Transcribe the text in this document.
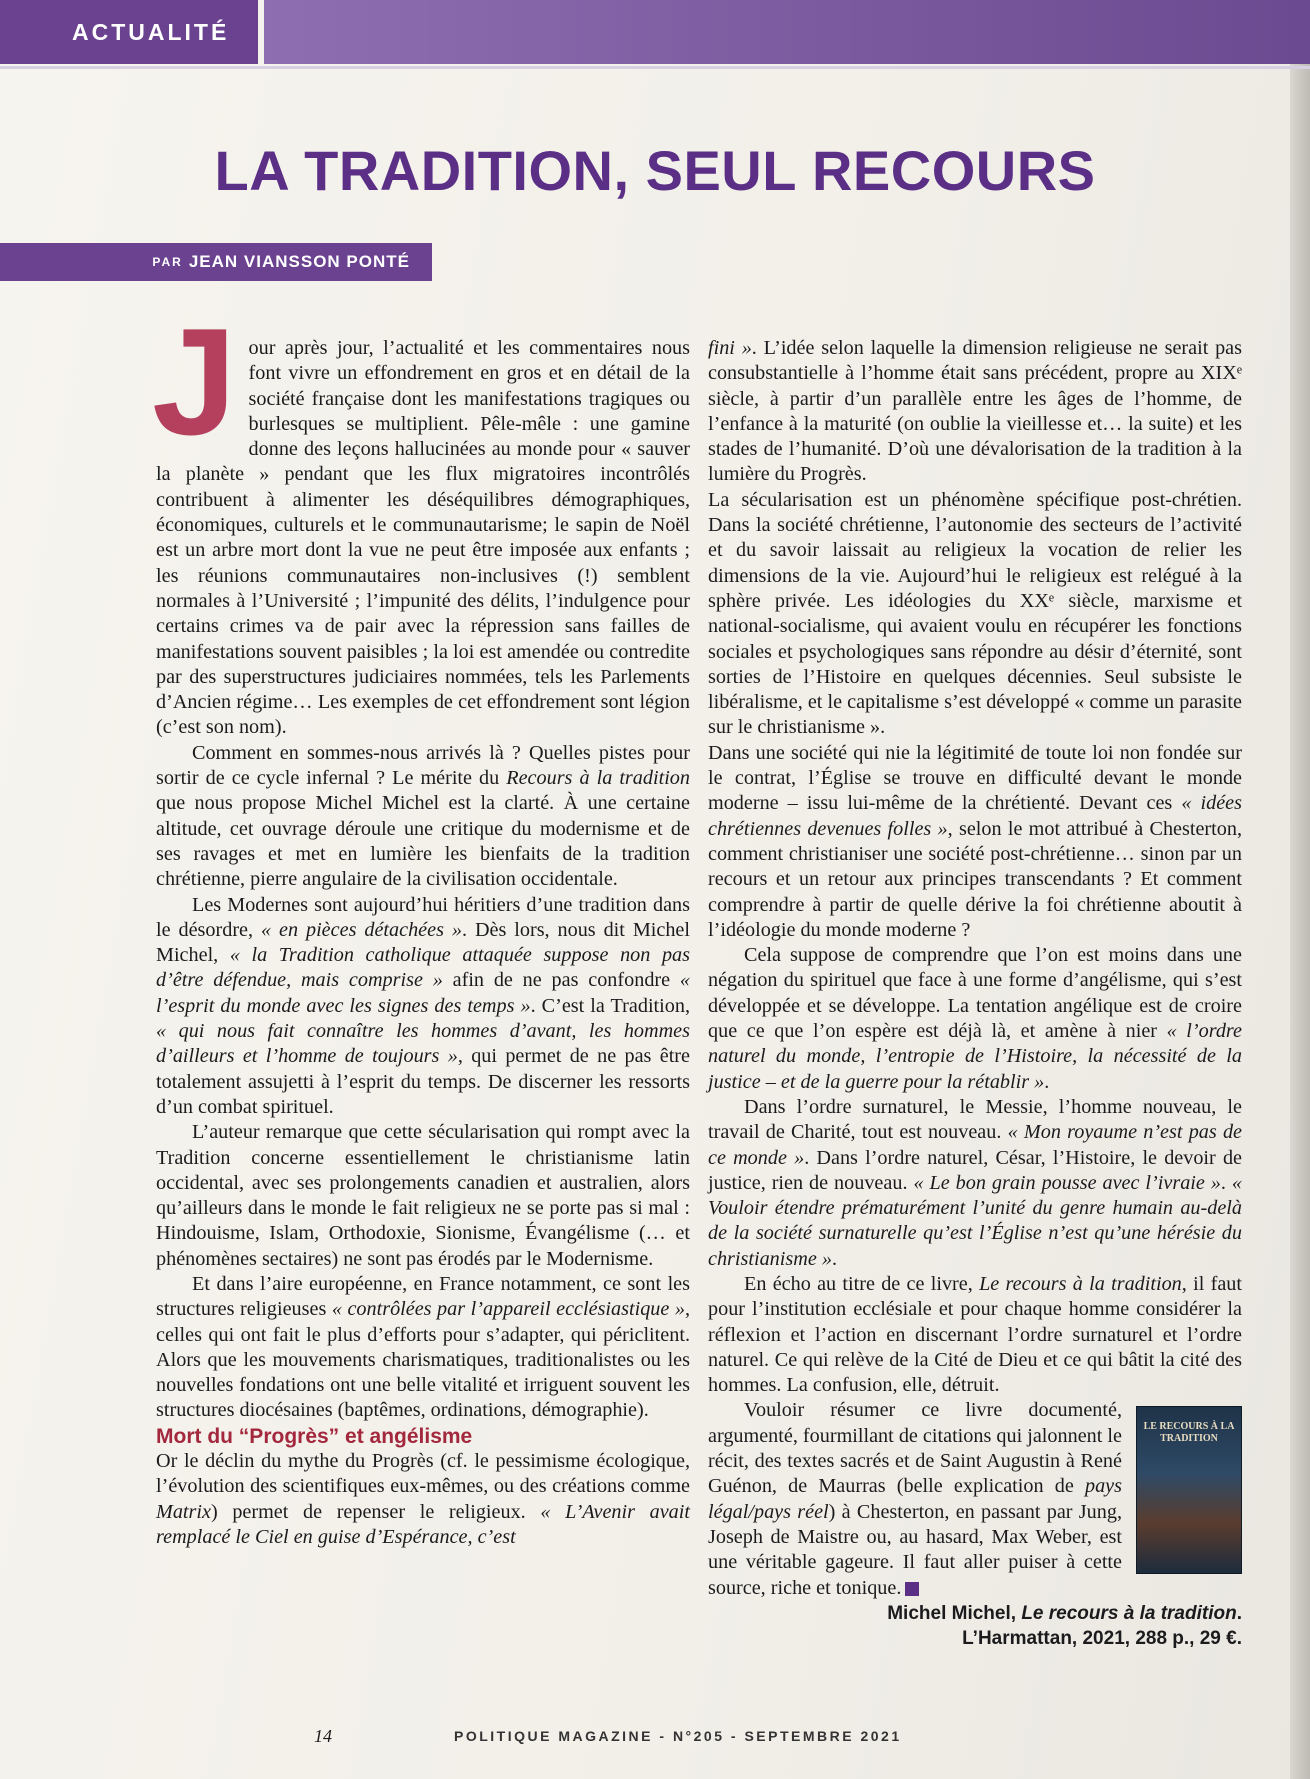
ACTUALITÉ
LA TRADITION, SEUL RECOURS
PAR JEAN VIANSSON PONTÉ

Jour après jour, l’actualité et les commentaires nous font vivre un effondrement en gros et en détail de la société française dont les manifestations tragiques ou burlesques se multiplient. Pêle-mêle : une gamine donne des leçons hallucinées au monde pour « sauver la planète » pendant que les flux migratoires incontrôlés contribuent à alimenter les déséquilibres démographiques, économiques, culturels et le communautarisme; le sapin de Noël est un arbre mort dont la vue ne peut être imposée aux enfants ; les réunions communautaires non-inclusives (!) semblent normales à l’Université ; l’impunité des délits, l’indulgence pour certains crimes va de pair avec la répression sans failles de manifestations souvent paisibles ; la loi est amendée ou contredite par des superstructures judiciaires nommées, tels les Parlements d’Ancien régime… Les exemples de cet effondrement sont légion (c’est son nom).

Comment en sommes-nous arrivés là ? Quelles pistes pour sortir de ce cycle infernal ? Le mérite du Recours à la tradition que nous propose Michel Michel est la clarté. À une certaine altitude, cet ouvrage déroule une critique du modernisme et de ses ravages et met en lumière les bienfaits de la tradition chrétienne, pierre angulaire de la civilisation occidentale.

Les Modernes sont aujourd’hui héritiers d’une tradition dans le désordre, « en pièces détachées ». Dès lors, nous dit Michel Michel, « la Tradition catholique attaquée suppose non pas d’être défendue, mais comprise » afin de ne pas confondre « l’esprit du monde avec les signes des temps ». C’est la Tradition, « qui nous fait connaître les hommes d’avant, les hommes d’ailleurs et l’homme de toujours », qui permet de ne pas être totalement assujetti à l’esprit du temps. De discerner les ressorts d’un combat spirituel.

L’auteur remarque que cette sécularisation qui rompt avec la Tradition concerne essentiellement le christianisme latin occidental, avec ses prolongements canadien et australien, alors qu’ailleurs dans le monde le fait religieux ne se porte pas si mal : Hindouisme, Islam, Orthodoxie, Sionisme, Évangélisme (… et phénomènes sectaires) ne sont pas érodés par le Modernisme.

Et dans l’aire européenne, en France notamment, ce sont les structures religieuses « contrôlées par l’appareil ecclésiastique », celles qui ont fait le plus d’efforts pour s’adapter, qui périclitent. Alors que les mouvements charismatiques, traditionalistes ou les nouvelles fondations ont une belle vitalité et irriguent souvent les structures diocésaines (baptêmes, ordinations, démographie).

Mort du “Progrès” et angélisme

Or le déclin du mythe du Progrès (cf. le pessimisme écologique, l’évolution des scientifiques eux-mêmes, ou des créations comme Matrix) permet de repenser le religieux. « L’Avenir avait remplacé le Ciel en guise d’Espérance, c’est

fini ». L’idée selon laquelle la dimension religieuse ne serait pas consubstantielle à l’homme était sans précédent, propre au XIXᵉ siècle, à partir d’un parallèle entre les âges de l’homme, de l’enfance à la maturité (on oublie la vieillesse et… la suite) et les stades de l’humanité. D’où une dévalorisation de la tradition à la lumière du Progrès.

La sécularisation est un phénomène spécifique post-chrétien. Dans la société chrétienne, l’autonomie des secteurs de l’activité et du savoir laissait au religieux la vocation de relier les dimensions de la vie. Aujourd’hui le religieux est relégué à la sphère privée. Les idéologies du XXᵉ siècle, marxisme et national-socialisme, qui avaient voulu en récupérer les fonctions sociales et psychologiques sans répondre au désir d’éternité, sont sorties de l’Histoire en quelques décennies. Seul subsiste le libéralisme, et le capitalisme s’est développé « comme un parasite sur le christianisme ».

Dans une société qui nie la légitimité de toute loi non fondée sur le contrat, l’Église se trouve en difficulté devant le monde moderne – issu lui-même de la chrétienté. Devant ces « idées chrétiennes devenues folles », selon le mot attribué à Chesterton, comment christianiser une société post-chrétienne… sinon par un recours et un retour aux principes transcendants ? Et comment comprendre à partir de quelle dérive la foi chrétienne aboutit à l’idéologie du monde moderne ?

Cela suppose de comprendre que l’on est moins dans une négation du spirituel que face à une forme d’angélisme, qui s’est développée et se développe. La tentation angélique est de croire que ce que l’on espère est déjà là, et amène à nier « l’ordre naturel du monde, l’entropie de l’Histoire, la nécessité de la justice – et de la guerre pour la rétablir ».

Dans l’ordre surnaturel, le Messie, l’homme nouveau, le travail de Charité, tout est nouveau. « Mon royaume n’est pas de ce monde ». Dans l’ordre naturel, César, l’Histoire, le devoir de justice, rien de nouveau. « Le bon grain pousse avec l’ivraie ». « Vouloir étendre prématurément l’unité du genre humain au-delà de la société surnaturelle qu’est l’Église n’est qu’une hérésie du christianisme ».

En écho au titre de ce livre, Le recours à la tradition, il faut pour l’institution ecclésiale et pour chaque homme considérer la réflexion et l’action en discernant l’ordre surnaturel et l’ordre naturel. Ce qui relève de la Cité de Dieu et ce qui bâtit la cité des hommes. La confusion, elle, détruit.

LE RECOURS À LA TRADITION
Vouloir résumer ce livre documenté, argumenté, fourmillant de citations qui jalonnent le récit, des textes sacrés et de Saint Augustin à René Guénon, de Maurras (belle explication de pays légal/pays réel) à Chesterton, en passant par Jung, Joseph de Maistre ou, au hasard, Max Weber, est une véritable gageure. Il faut aller puiser à cette source, riche et tonique.

Michel Michel, Le recours à la tradition.
L’Harmattan, 2021, 288 p., 29 €.

14	POLITIQUE MAGAZINE - N°205 - SEPTEMBRE 2021
